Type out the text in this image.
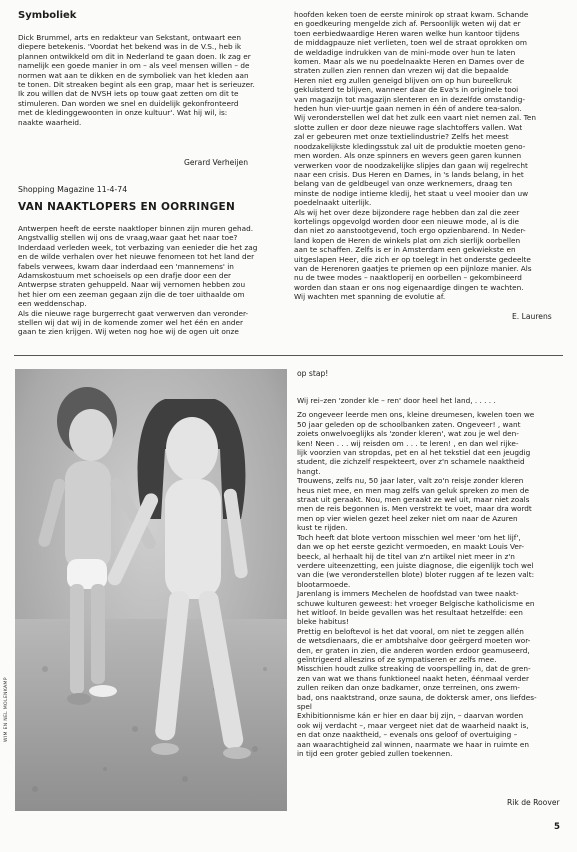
Symboliek

Dick Brummel, arts en redakteur van Sekstant, ontwaart een

diepere betekenis. 'Voordat het bekend was in de V.S., heb ik

plannen ontwikkeld om dit in Nederland te gaan doen. Ik zag er

namelijk een goede manier in om – als veel mensen willen – de

normen wat aan te dikken en de symboliek van het kleden aan

te tonen. Dit streaken begint als een grap, maar het is serieuzer.

Ik zou willen dat de NVSH iets op touw gaat zetten om dit te

stimuleren. Dan worden we snel en duidelijk gekonfronteerd

met de kledinggewoonten in onze kultuur'. Wat hij wil, is:

naakte waarheid.

Gerard Verheijen
Shopping Magazine 11-4-74
VAN NAAKTLOPERS EN OORRINGEN

Antwerpen heeft de eerste naaktloper binnen zijn muren gehad.

Angstvallig stellen wij ons de vraag,waar gaat het naar toe?

Inderdaad verleden week, tot verbazing van eenieder die het zag

en de wilde verhalen over het nieuwe fenomeen tot het land der

fabels verwees, kwam daar inderdaad een 'mannemens' in

Adamskostuum met schoeisels op een drafje door een der

Antwerpse straten gehuppeld. Naar wij vernomen hebben zou

het hier om een zeeman gegaan zijn die de toer uithaalde om

een weddenschap.

Als die nieuwe rage burgerrecht gaat verwerven dan veronder-

stellen wij dat wij in de komende zomer wel het één en ander

gaan te zien krijgen. Wij weten nog hoe wij de ogen uit onze

hoofden keken toen de eerste minirok op straat kwam. Schande

en goedkeuring mengelde zich af. Persoonlijk weten wij dat er

toen eerbiedwaardige Heren waren welke hun kantoor tijdens

de middagpauze niet verlieten, toen wel de straat oprokken om

de weldadige indrukken van de mini-mode over hun te laten

komen. Maar als we nu poedelnaakte Heren en Dames over de

straten zullen zien rennen dan vrezen wij dat die bepaalde

Heren niet erg zullen geneigd blijven om op hun bureelkruk

gekluisterd te blijven, wanneer daar de Eva's in originele tooi

van magazijn tot magazijn slenteren en in dezelfde omstandig-

heden hun vier-uurtje gaan nemen in één of andere tea-salon.

Wij veronderstellen wel dat het zulk een vaart niet nemen zal. Ten

slotte zullen er door deze nieuwe rage slachtoffers vallen. Wat

zal er gebeuren met onze textielindustrie? Zelfs het meest

noodzakelijkste kledingsstuk zal uit de produktie moeten geno-

men worden. Als onze spinners en wevers geen garen kunnen

verwerken voor de noodzakelijke slipjes dan gaan wij regelrecht

naar een crisis. Dus Heren en Dames, in 's lands belang, in het

belang van de geldbeugel van onze werknemers, draag ten

minste de nodige intieme kledij, het staat u veel mooier dan uw

poedelnaakt uiterlijk.

Als wij het over deze bijzondere rage hebben dan zal die zeer

kortelings opgevolgd worden door een nieuwe mode, al is die

dan niet zo aanstootgevend, toch ergo opzienbarend. In Neder-

land kopen de Heren de winkels plat om zich sierlijk oorbellen

aan te schaffen. Zelfs is er in Amsterdam een gekwiekste en

uitgeslapen Heer, die zich er op toelegt in het onderste gedeelte

van de Herenoren gaatjes te priemen op een pijnloze manier. Als

nu de twee modes – naaktloperij en oorbellen – gekombineerd

worden dan staan er ons nog eigenaardige dingen te wachten.

Wij wachten met spanning de evolutie af.

E. Laurens
WIM EN NEL MOLENKAMP
op stap!

Wij rei–zen 'zonder kle – ren' door heel het land, . . . . .

Zo ongeveer leerde men ons, kleine dreumesen, kwelen toen we

50 jaar geleden op de schoolbanken zaten. Ongeveer! , want

zoiets onwelvoeglijks als 'zonder kleren', wat zou je wel den-

ken! Neen . . . wij reisden om . . . te leren! , en dan wel rijke-

lijk voorzien van stropdas, pet en al het tekstiel dat een jeugdig

student, die zichzelf respekteert, over z'n schamele naaktheid

hangt.

Trouwens, zelfs nu, 50 jaar later, valt zo'n reisje zonder kleren

heus niet mee, en men mag zelfs van geluk spreken zo men de

straat uit geraakt. Nou, men geraakt ze wel uit, maar niet zoals

men de reis begonnen is. Men verstrekt te voet, maar dra wordt

men op vier wielen gezet heel zeker niet om naar de Azuren

kust te rijden.

Toch heeft dat blote vertoon misschien wel meer 'om het lijf',

dan we op het eerste gezicht vermoeden, en maakt Louis Ver-

beeck, al herhaalt hij de titel van z'n artikel niet meer in z'n

verdere uiteenzetting, een juiste diagnose, die eigenlijk toch wel

van die (we veronderstellen blote) bloter ruggen af te lezen valt:

blootarmoede.

Jarenlang is immers Mechelen de hoofdstad van twee naakt-

schuwe kulturen geweest: het vroeger Belgische katholicisme en

het witloof. In beide gevallen was het resultaat hetzelfde: een

bleke habitus!

Prettig en beloftevol is het dat vooral, om niet te zeggen allén

de wetsdienaars, die er ambtshalve door geërgerd moeten wor-

den, er graten in zien, die anderen worden erdoor geamuseerd,

geïntrigeerd alleszins of ze sympatiseren er zelfs mee.

Misschien houdt zulke streaking de voorspelling in, dat de gren-

zen van wat we thans funktioneel naakt heten, éénmaal verder

zullen reiken dan onze badkamer, onze terreinen, ons zwem-

bad, ons naaktstrand, onze sauna, de doktersk amer, ons liefdes-

spel

Exhibitionnisme kán er hier en daar bij zijn, – daarvan worden

ook wij verdacht –, maar vergeet niet dat de waarheid naakt is,

en dat onze naaktheid, – evenals ons geloof of overtuiging –

aan waarachtigheid zal winnen, naarmate we haar in ruimte en

in tijd een groter gebied zullen toekennen.

Rik de Roover
5
